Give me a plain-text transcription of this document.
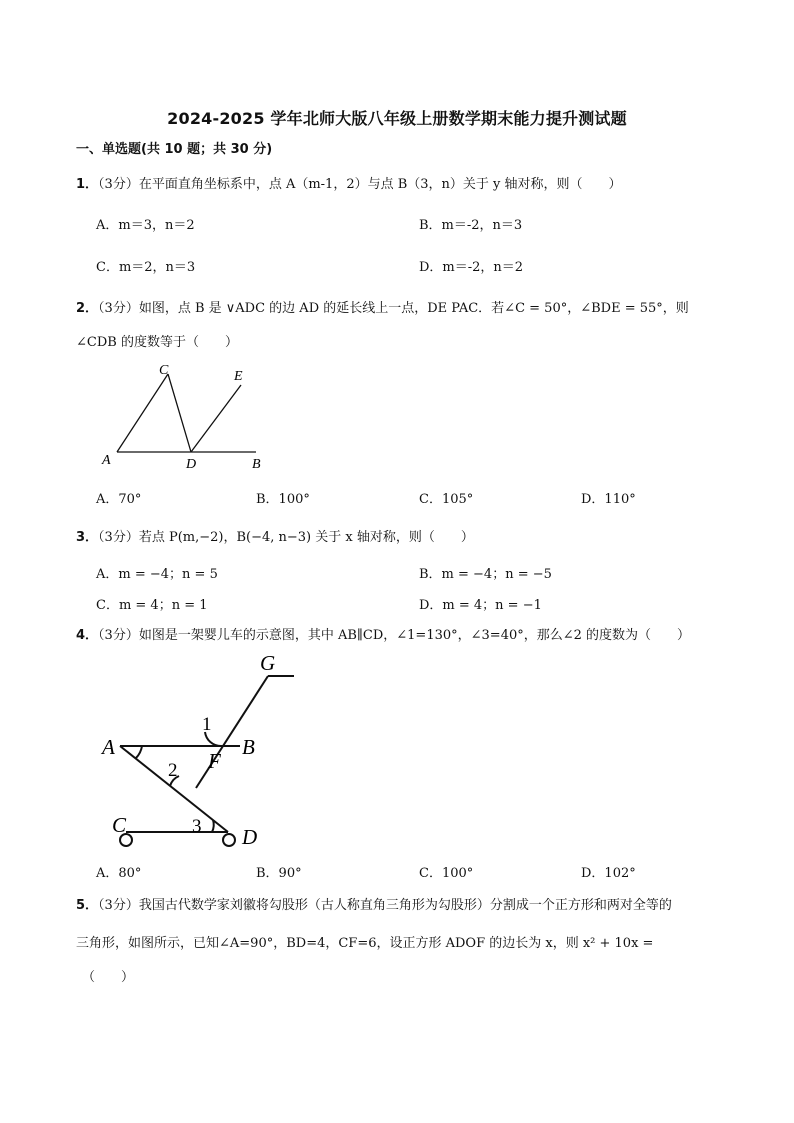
2024-2025 学年北师大版八年级上册数学期末能力提升测试题
一、单选题(共 10 题；共 30 分)
1．（3分）在平面直角坐标系中，点 A（m-1，2）与点 B（3，n）关于 y 轴对称，则（　　）
A．m＝3，n＝2	B．m＝-2，n＝3
C．m＝2，n＝3	D．m＝-2，n＝2
2．（3分）如图，点 B 是 ∨ADC 的边 AD 的延长线上一点，DE PAC．若∠C = 50°，∠BDE = 55°，则
∠CDB 的度数等于（　　）
A
C
D	B
E
A．70°	B．100°	C．105°	D．110°
3．（3分）若点 P(m,−2)，B(−4, n−3) 关于 x 轴对称，则（　　）
A．m = −4；n = 5	B．m = −4；n = −5
C．m = 4；n = 1	D．m = 4；n = −1
4．（3分）如图是一架婴儿车的示意图，其中 AB∥CD，∠1=130°，∠3=40°，那么∠2 的度数为（　　）
G
1
A	B
F
2
C	3 D
A．80°	B．90°	C．100°	D．102°
5．（3分）我国古代数学家刘徽将勾股形（古人称直角三角形为勾股形）分割成一个正方形和两对全等的
三角形，如图所示，已知∠A=90°，BD=4，CF=6，设正方形 ADOF 的边长为 x，则 x² + 10x =
（　　）
